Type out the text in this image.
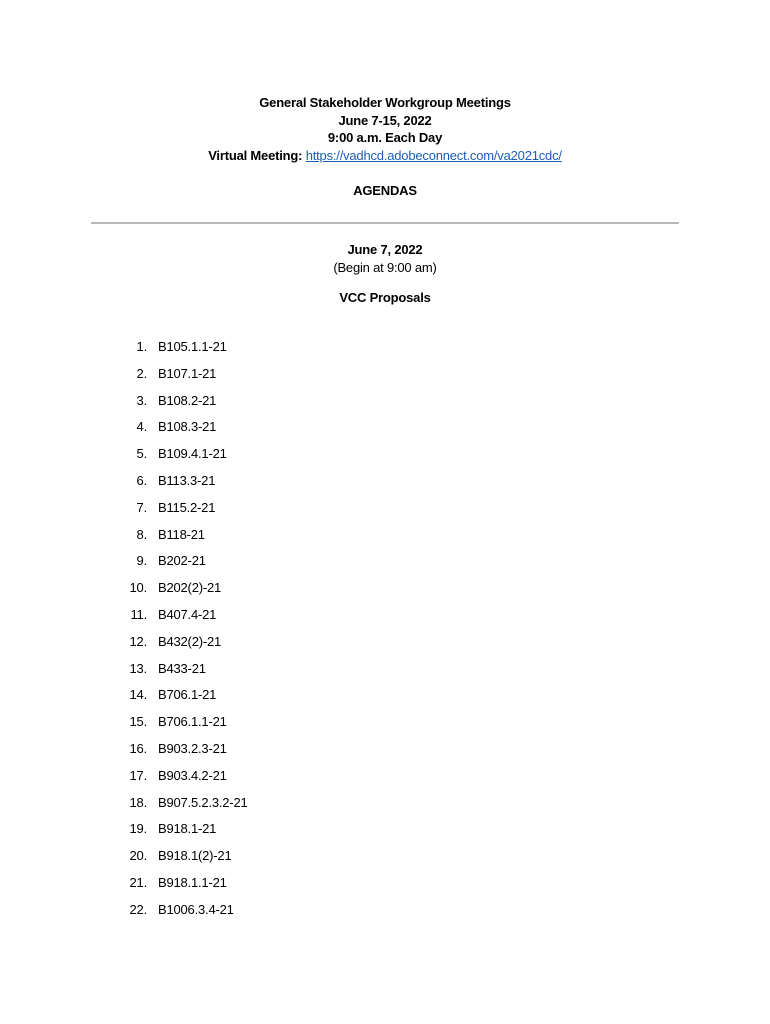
General Stakeholder Workgroup Meetings
June 7-15, 2022
9:00 a.m. Each Day
Virtual Meeting: https://vadhcd.adobeconnect.com/va2021cdc/
AGENDAS
June 7, 2022
(Begin at 9:00 am)
VCC Proposals
1. B105.1.1-21
2. B107.1-21
3. B108.2-21
4. B108.3-21
5. B109.4.1-21
6. B113.3-21
7. B115.2-21
8. B118-21
9. B202-21
10. B202(2)-21
11. B407.4-21
12. B432(2)-21
13. B433-21
14. B706.1-21
15. B706.1.1-21
16. B903.2.3-21
17. B903.4.2-21
18. B907.5.2.3.2-21
19. B918.1-21
20. B918.1(2)-21
21. B918.1.1-21
22. B1006.3.4-21
